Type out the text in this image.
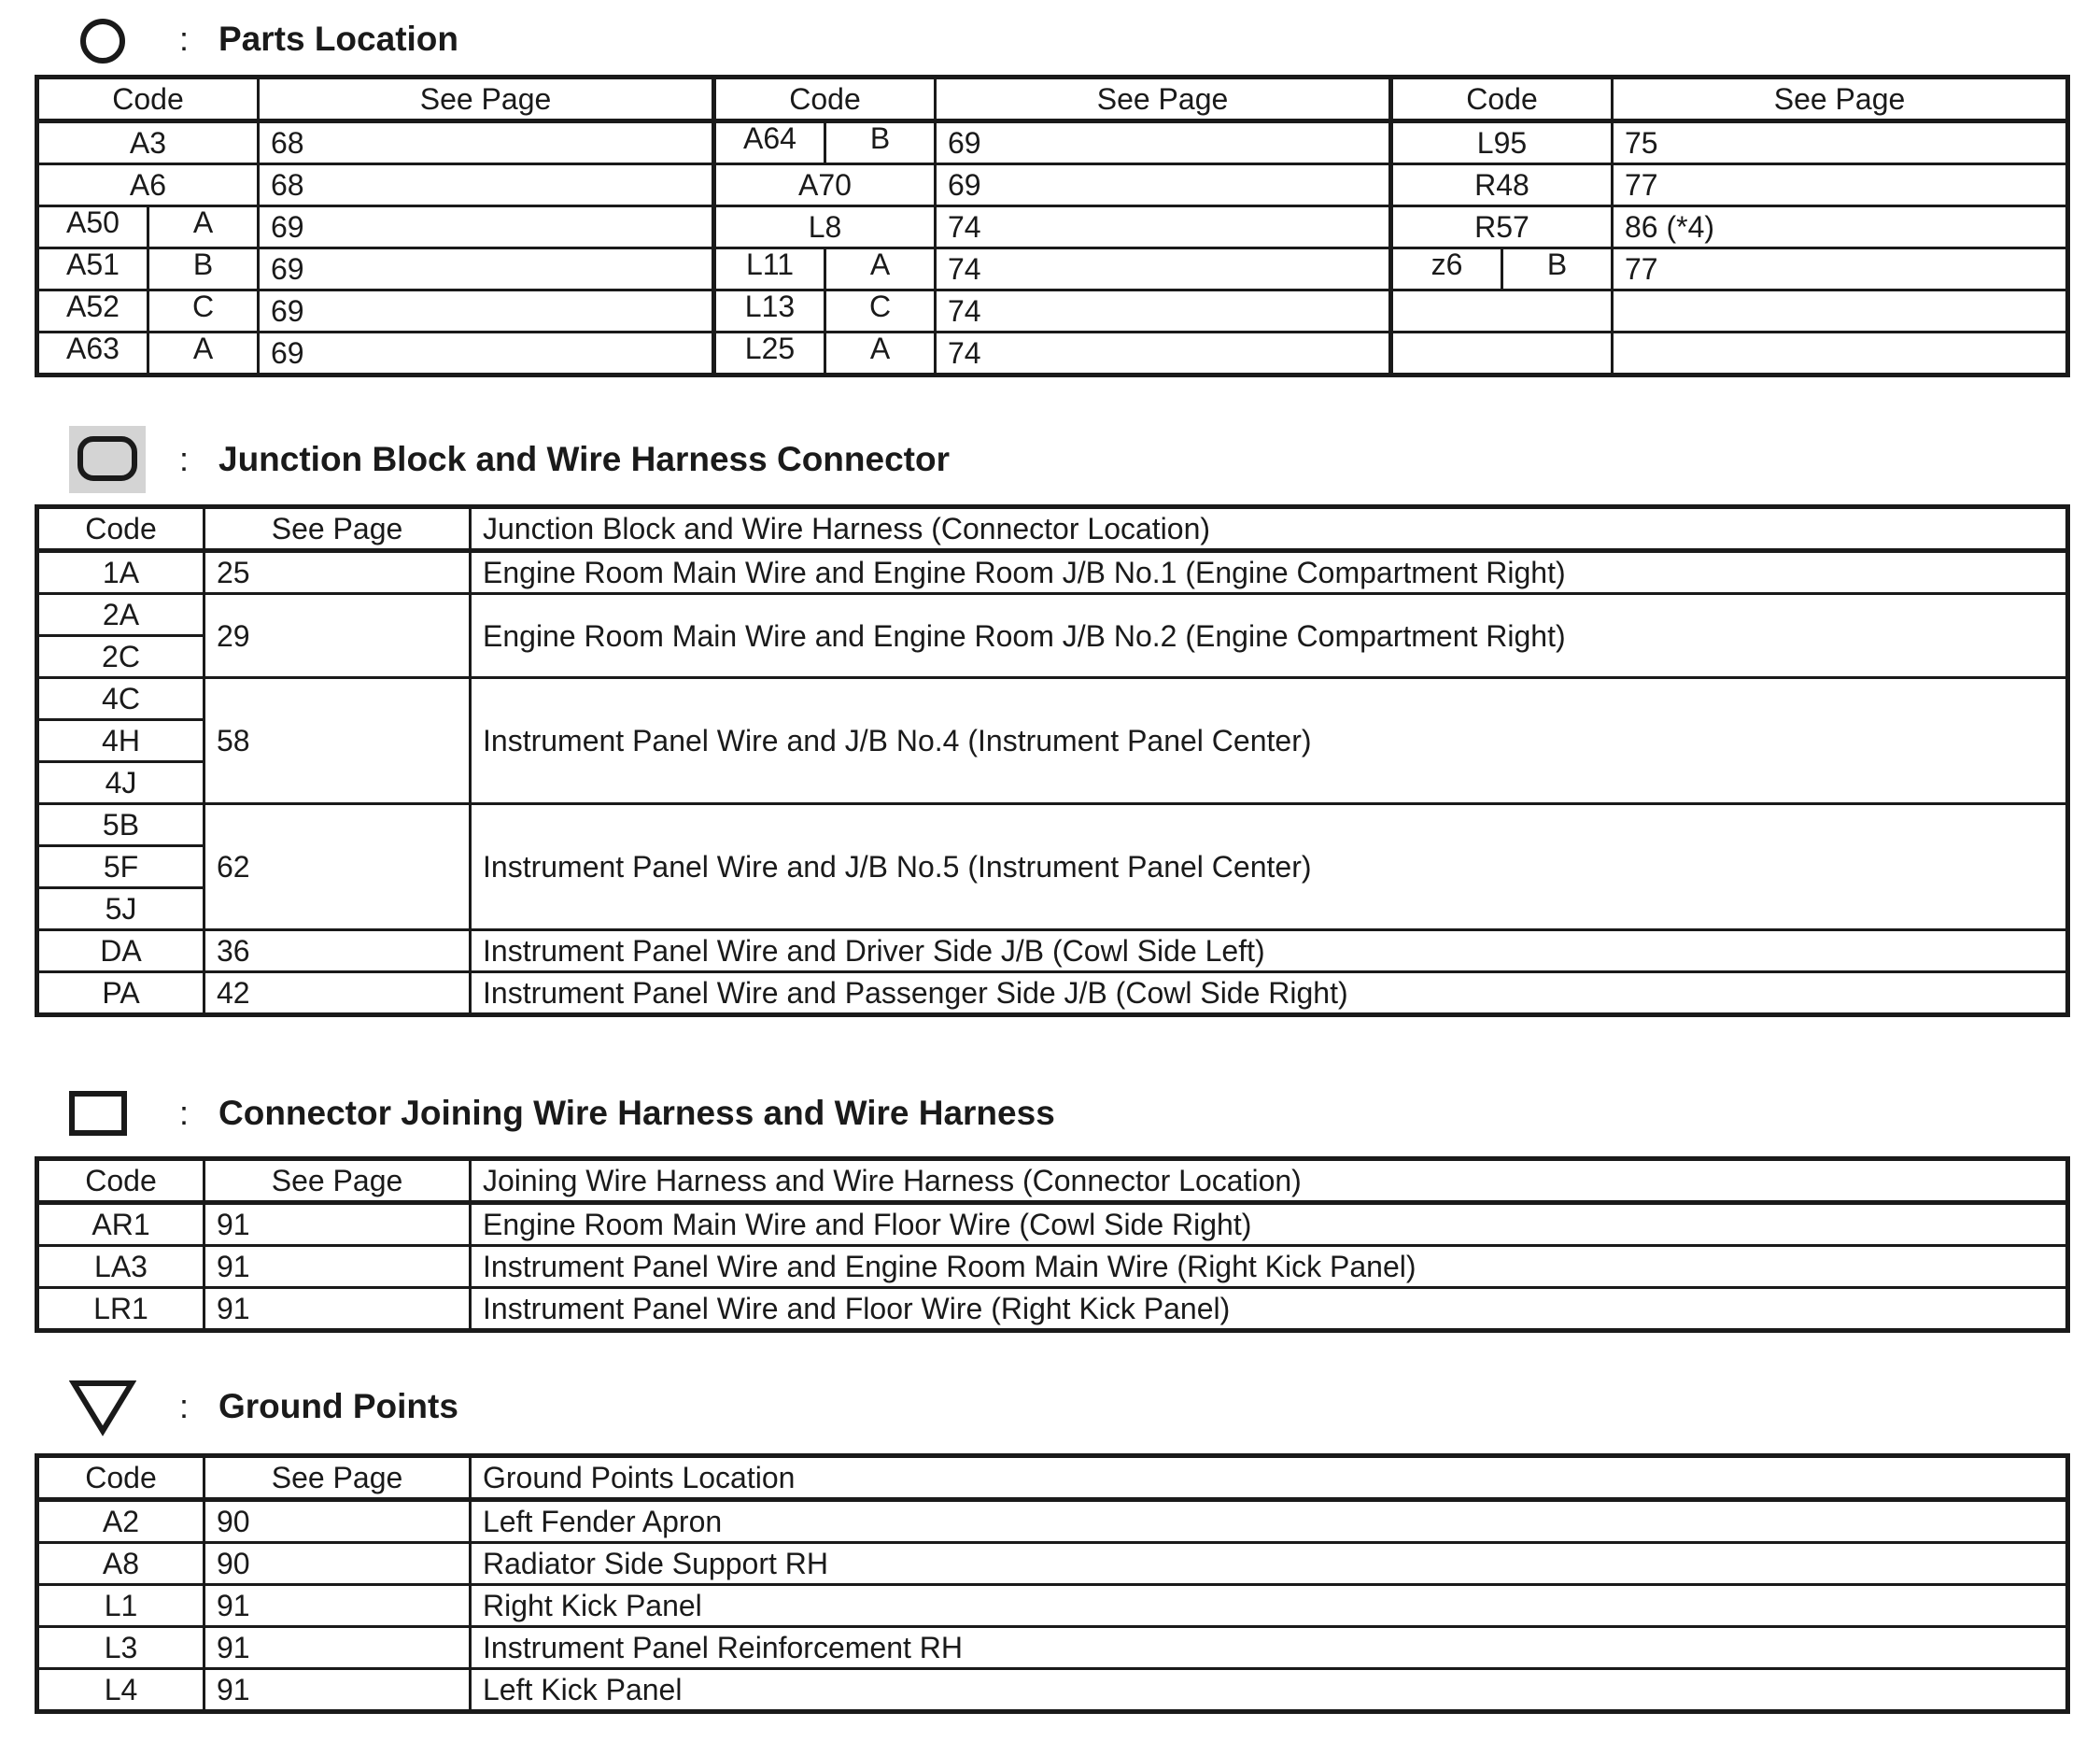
: Parts Location
Code	See Page	Code	See Page	Code	See Page
A3	68	A64 B	69	L95	75
A6	68	A70	69	R48	77

A50 A	69	L8	74	R57	86 (*4)

A51 B	69	L11 A	74	z6 B	77

A52 C	69	L13 C	74		

A63 A	69	L25 A	74		
: Junction Block and Wire Harness Connector
Code	See Page	Junction Block and Wire Harness (Connector Location)
1A	25	Engine Room Main Wire and Engine Room J/B No.1 (Engine Compartment Right)
2A	29	Engine Room Main Wire and Engine Room J/B No.2 (Engine Compartment Right)
2C		
4C	58	Instrument Panel Wire and J/B No.4 (Instrument Panel Center)
4H		
4J		
5B	62	Instrument Panel Wire and J/B No.5 (Instrument Panel Center)
5F		
5J		
DA	36	Instrument Panel Wire and Driver Side J/B (Cowl Side Left)
PA	42	Instrument Panel Wire and Passenger Side J/B (Cowl Side Right)
: Connector Joining Wire Harness and Wire Harness
Code	See Page	Joining Wire Harness and Wire Harness (Connector Location)
AR1	91	Engine Room Main Wire and Floor Wire (Cowl Side Right)
LA3	91	Instrument Panel Wire and Engine Room Main Wire (Right Kick Panel)
LR1	91	Instrument Panel Wire and Floor Wire (Right Kick Panel)
: Ground Points
Code	See Page	Ground Points Location
A2	90	Left Fender Apron
A8	90	Radiator Side Support RH
L1	91	Right Kick Panel
L3	91	Instrument Panel Reinforcement RH
L4	91	Left Kick Panel
